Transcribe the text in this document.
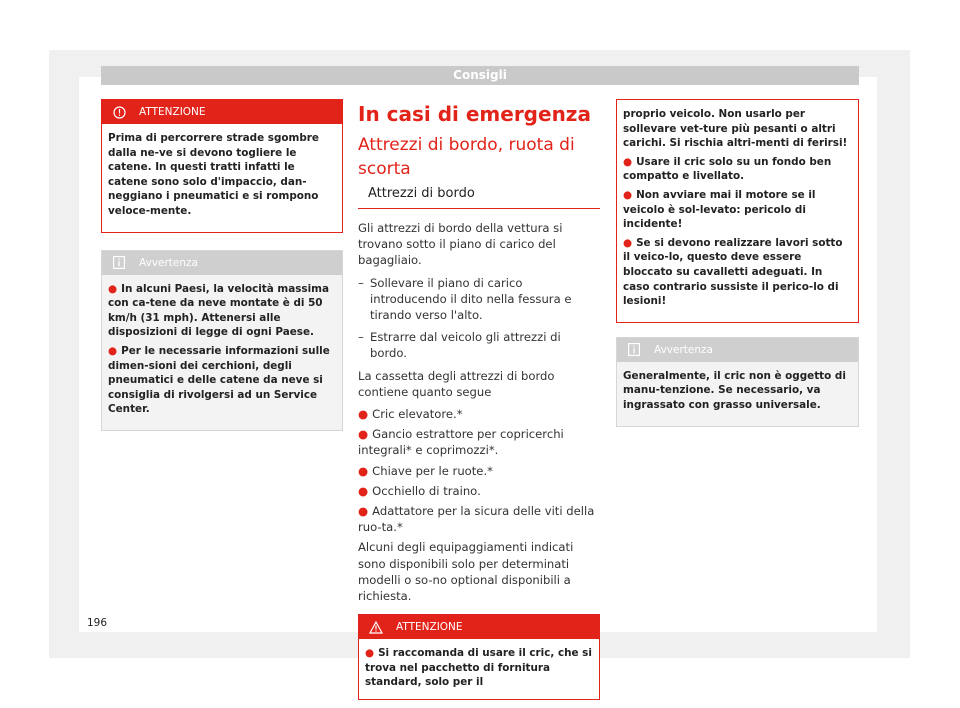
Consigli
ATTENZIONE

Prima di percorrere strade sgombre dalla ne-ve si devono togliere le catene. In questi tratti infatti le catene sono solo d'impaccio, dan-neggiano i pneumatici e si rompono veloce-mente.

Avvertenza

● In alcuni Paesi, la velocità massima con ca-tene da neve montate è di 50 km/h (31 mph). Attenersi alle disposizioni di legge di ogni Paese.

● Per le necessarie informazioni sulle dimen-sioni dei cerchioni, degli pneumatici e delle catene da neve si consiglia di rivolgersi ad un Service Center.

In casi di emergenza
Attrezzi di bordo, ruota di scorta
Attrezzi di bordo

Gli attrezzi di bordo della vettura si trovano sotto il piano di carico del bagagliaio.

– Sollevare il piano di carico introducendo il dito nella fessura e tirando verso l'alto.

– Estrarre dal veicolo gli attrezzi di bordo.

La cassetta degli attrezzi di bordo contiene quanto segue

● Cric elevatore.*

● Gancio estrattore per copricerchi integrali* e coprimozzi*.

● Chiave per le ruote.*

● Occhiello di traino.

● Adattatore per la sicura delle viti della ruo-ta.*

Alcuni degli equipaggiamenti indicati sono disponibili solo per determinati modelli o so-no optional disponibili a richiesta.

ATTENZIONE

● Si raccomanda di usare il cric, che si trova nel pacchetto di fornitura standard, solo per il

proprio veicolo. Non usarlo per sollevare vet-ture più pesanti o altri carichi. Si rischia altri-menti di ferirsi!

● Usare il cric solo su un fondo ben compatto e livellato.

● Non avviare mai il motore se il veicolo è sol-levato: pericolo di incidente!

● Se si devono realizzare lavori sotto il veico-lo, questo deve essere bloccato su cavalletti adeguati. In caso contrario sussiste il perico-lo di lesioni!

Avvertenza

Generalmente, il cric non è oggetto di manu-tenzione. Se necessario, va ingrassato con grasso universale.

196
